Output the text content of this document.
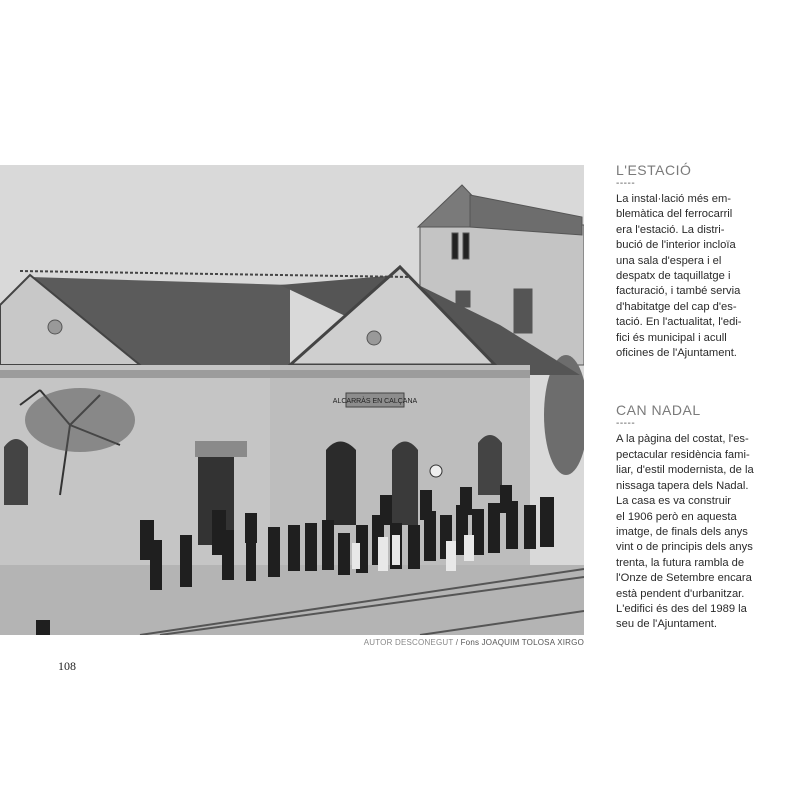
ALCARRÀS EN CALÇANA
AUTOR DESCONEGUT / Fons JOAQUIM TOLOSA XIRGO
108
L'ESTACIÓ
-----
La instal·lació més em-
blemàtica del ferrocarril
era l'estació. La distri-
bució de l'interior incloïa
una sala d'espera i el
despatx de taquillatge i
facturació, i també servia
d'habitatge del cap d'es-
tació. En l'actualitat, l'edi-
fici és municipal i acull
oficines de l'Ajuntament.
CAN NADAL
-----
A la pàgina del costat, l'es-
pectacular residència fami-
liar, d'estil modernista, de la
nissaga tapera dels Nadal.
La casa es va construir
el 1906 però en aquesta
imatge, de finals dels anys
vint o de principis dels anys
trenta, la futura rambla de
l'Onze de Setembre encara
està pendent d'urbanitzar.
L'edifici és des del 1989 la
seu de l'Ajuntament.
